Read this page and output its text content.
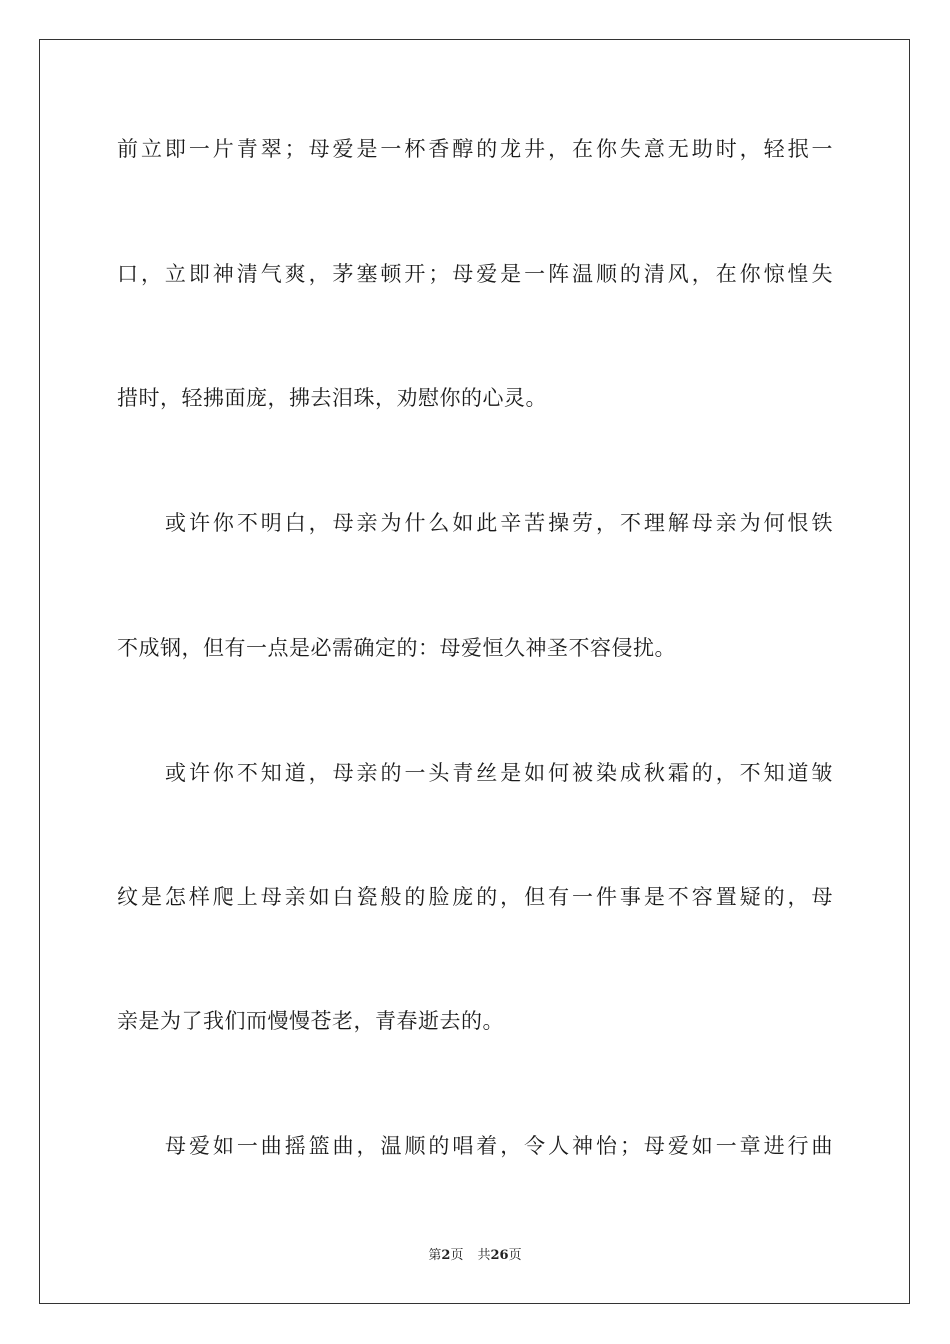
前立即一片青翠；母爱是一杯香醇的龙井，在你失意无助时，轻抿一
口，立即神清气爽，茅塞顿开；母爱是一阵温顺的清风，在你惊惶失
措时，轻拂面庞，拂去泪珠，劝慰你的心灵。
或许你不明白，母亲为什么如此辛苦操劳，不理解母亲为何恨铁
不成钢，但有一点是必需确定的：母爱恒久神圣不容侵扰。
或许你不知道，母亲的一头青丝是如何被染成秋霜的，不知道皱
纹是怎样爬上母亲如白瓷般的脸庞的，但有一件事是不容置疑的，母
亲是为了我们而慢慢苍老，青春逝去的。
母爱如一曲摇篮曲，温顺的唱着，令人神怡；母爱如一章进行曲
第2页 共26页
